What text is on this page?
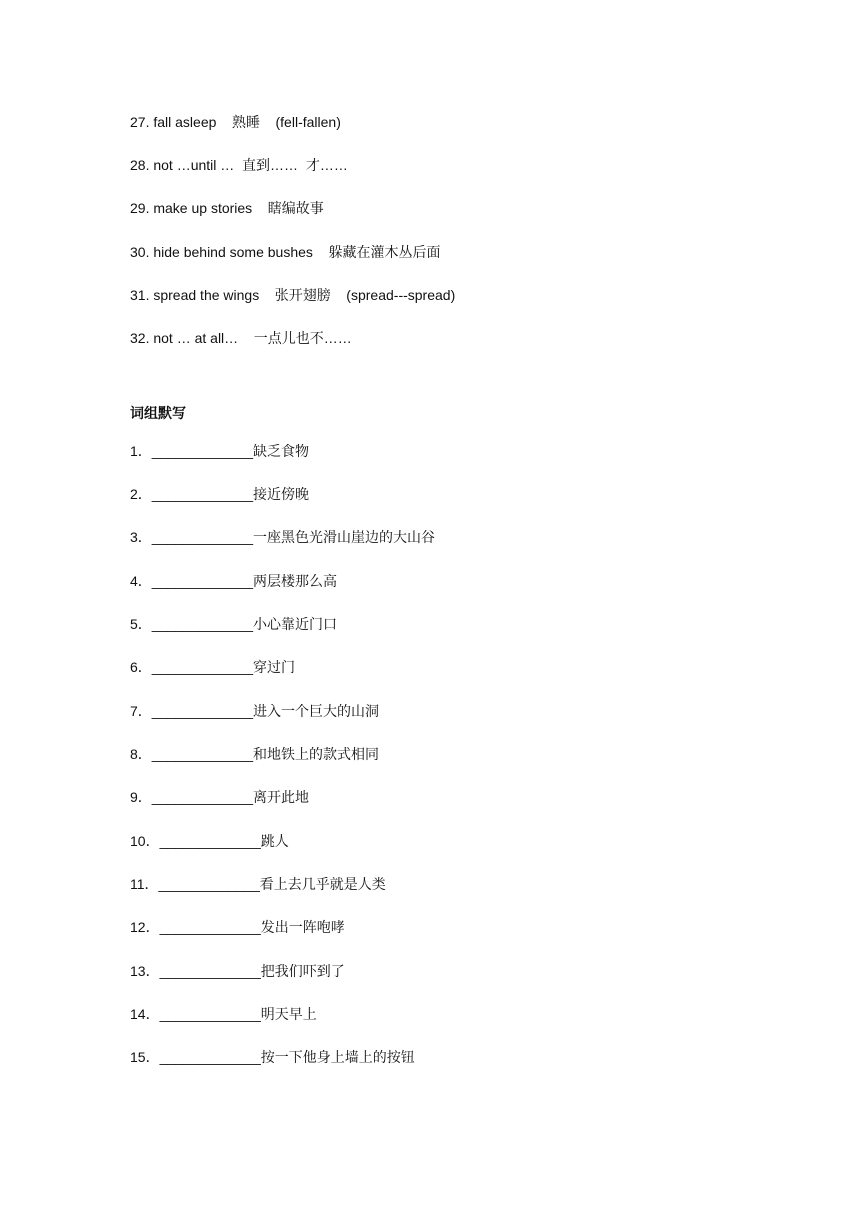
27. fall asleep    熟睡    (fell-fallen)
28. not …until …  直到……  才……
29. make up stories    瞎编故事
30. hide behind some bushes    躲藏在灌木丛后面
31. spread the wings    张开翅膀    (spread---spread)
32. not … at all…    一点儿也不……
词组默写
1．_____________缺乏食物
2．_____________接近傍晚
3．_____________一座黑色光滑山崖边的大山谷
4．_____________两层楼那么高
5．_____________小心靠近门口
6．_____________穿过门
7．_____________进入一个巨大的山洞
8．_____________和地铁上的款式相同
9．_____________离开此地
10．_____________跳人
11．_____________看上去几乎就是人类
12．_____________发出一阵咆哮
13．_____________把我们吓到了
14．_____________明天早上
15．_____________按一下他身上墙上的按钮
